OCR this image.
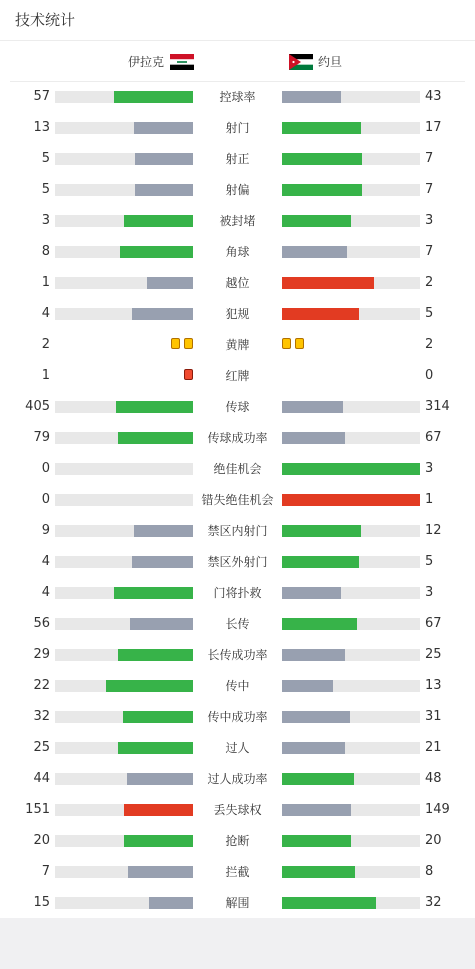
技术统计
伊拉克	约旦
57	控球率	43
13	射门	17
5	射正	7
5	射偏	7
3	被封堵	3
8	角球	7
1	越位	2
4	犯规	5
2	黄牌	2
1	红牌	0
405	传球	314
79	传球成功率	67
0	绝佳机会	3
0	错失绝佳机会	1
9	禁区内射门	12
4	禁区外射门	5
4	门将扑救	3
56	长传	67
29	长传成功率	25
22	传中	13
32	传中成功率	31
25	过人	21
44	过人成功率	48
151	丢失球权	149
20	抢断	20
7	拦截	8
15	解围	32
